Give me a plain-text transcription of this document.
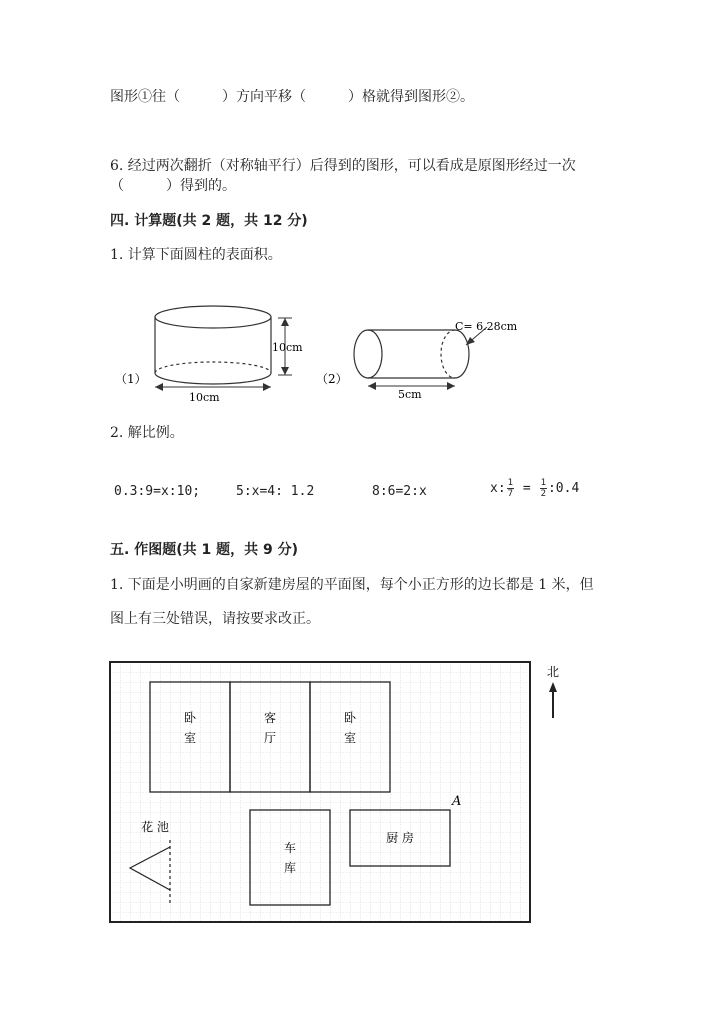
图形①往（　　　）方向平移（　　　）格就得到图形②。
6. 经过两次翻折（对称轴平行）后得到的图形，可以看成是原图形经过一次
（　　　）得到的。
四. 计算题(共 2 题，共 12 分)
1. 计算下面圆柱的表面积。
（1）
10cm
10cm
（2）
C= 6.28cm
5cm
2. 解比例。
0.3:9=x:10;	5:x=4: 1.2	8:6=2:x	x: $\frac{1}{7} = \frac{1}{2}$ :0.4
五. 作图题(共 1 题，共 9 分)
1. 下面是小明画的自家新建房屋的平面图，每个小正方形的边长都是 1 米，但
图上有三处错误，请按要求改正。
卧
室
客
厅
卧
室
车
库
厨 房
A
花 池
北
